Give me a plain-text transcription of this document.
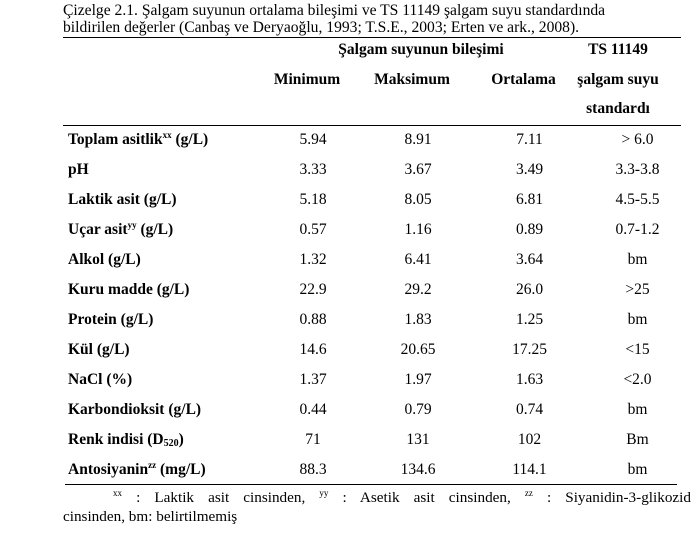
Çizelge 2.1. Şalgam suyunun ortalama bileşimi ve TS 11149 şalgam suyu standardında
bildirilen değerler (Canbaş ve Deryaoğlu, 1993; T.S.E., 2003; Erten ve ark., 2008).
Şalgam suyunun bileşimi	TS 11149
Minimum	Maksimum	Ortalama	şalgam suyu
standardı
Toplam asitlik$^{xx}$ (g/L)	5.94	8.91	7.11	> 6.0
pH	3.33	3.67	3.49	3.3-3.8
Laktik asit (g/L)	5.18	8.05	6.81	4.5-5.5
Uçar asit$^{yy}$ (g/L)	0.57	1.16	0.89	0.7-1.2
Alkol (g/L)	1.32	6.41	3.64	bm
Kuru madde (g/L)	22.9	29.2	26.0	>25
Protein (g/L)	0.88	1.83	1.25	bm
Kül (g/L)	14.6	20.65	17.25	<15
NaCl (%)	1.37	1.97	1.63	<2.0
Karbondioksit (g/L)	0.44	0.79	0.74	bm
Renk indisi $(D_{520})$	71	131	102	Bm
Antosiyanin$^{zz}$ (mg/L)	88.3	134.6	114.1	bm
$^{xx}$ : Laktik asit cinsinden, $^{yy}$ : Asetik asit cinsinden, $^{zz}$ : Siyanidin-3-glikozid
cinsinden, bm: belirtilmemiş
